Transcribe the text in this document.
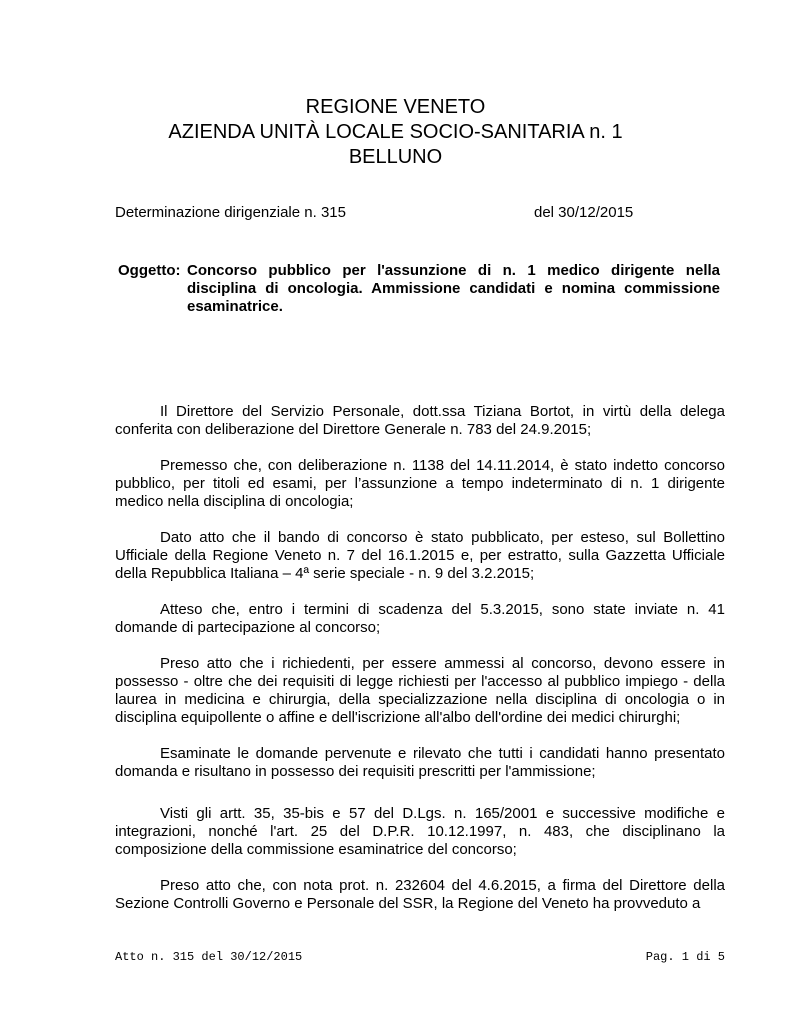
REGIONE VENETO
AZIENDA UNITÀ LOCALE SOCIO-SANITARIA n. 1
BELLUNO
Determinazione dirigenziale n. 315	del 30/12/2015
Oggetto: Concorso pubblico per l'assunzione di n. 1 medico dirigente nella disciplina di oncologia. Ammissione candidati e nomina commissione esaminatrice.

Il Direttore del Servizio Personale, dott.ssa Tiziana Bortot, in virtù della delega conferita con deliberazione del Direttore Generale n. 783 del 24.9.2015;

Premesso che, con deliberazione n. 1138 del 14.11.2014, è stato indetto concorso pubblico, per titoli ed esami, per l’assunzione a tempo indeterminato di n. 1 dirigente medico nella disciplina di oncologia;

Dato atto che il bando di concorso è stato pubblicato, per esteso, sul Bollettino Ufficiale della Regione Veneto n. 7 del 16.1.2015 e, per estratto, sulla Gazzetta Ufficiale della Repubblica Italiana – 4ª serie speciale - n. 9 del 3.2.2015;

Atteso che, entro i termini di scadenza del 5.3.2015, sono state inviate n. 41 domande di partecipazione al concorso;

Preso atto che i richiedenti, per essere ammessi al concorso, devono essere in possesso - oltre che dei requisiti di legge richiesti per l'accesso al pubblico impiego - della laurea in medicina e chirurgia, della specializzazione nella disciplina di oncologia o in disciplina equipollente o affine e dell'iscrizione all'albo dell'ordine dei medici chirurghi;

Esaminate le domande pervenute e rilevato che tutti i candidati hanno presentato domanda e risultano in possesso dei requisiti prescritti per l'ammissione;

Visti gli artt. 35, 35-bis e 57 del D.Lgs. n. 165/2001 e successive modifiche e integrazioni, nonché l'art. 25 del D.P.R. 10.12.1997, n. 483, che disciplinano la composizione della commissione esaminatrice del concorso;

Preso atto che, con nota prot. n. 232604 del 4.6.2015, a firma del Direttore della Sezione Controlli Governo e Personale del SSR, la Regione del Veneto ha provveduto a

Atto n. 315 del 30/12/2015	Pag. 1 di 5
